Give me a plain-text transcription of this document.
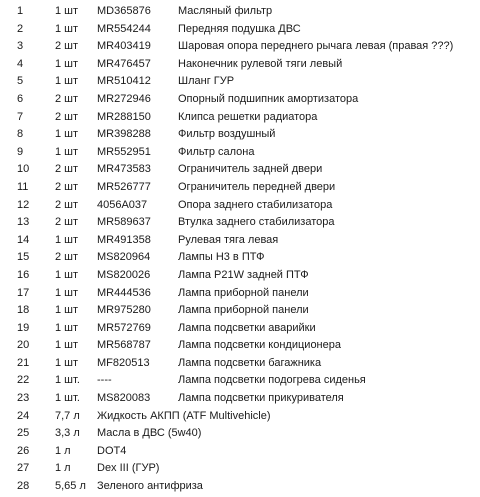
1	1 шт MD365876 Масляный фильтр
2	1 шт MR554244 Передняя подушка ДВС
3	2 шт MR403419 Шаровая опора переднего рычага левая (правая ???)
4	1 шт MR476457 Наконечник рулевой тяги левый
5	1 шт MR510412 Шланг ГУР
6	2 шт MR272946 Опорный подшипник амортизатора
7	2 шт MR288150 Клипса решетки радиатора
8	1 шт MR398288 Фильтр воздушный
9	1 шт MR552951 Фильтр салона
10 2 шт MR473583 Ограничитель задней двери
11 2 шт MR526777 Ограничитель передней двери
12 2 шт 4056A037	Опора заднего стабилизатора
13 2 шт MR589637 Втулка заднего стабилизатора
14 1 шт MR491358 Рулевая тяга левая
15 2 шт MS820964	Лампы Н3 в ПТФ
16 1 шт MS820026	Лампа P21W задней ПТФ
17 1 шт MR444536 Лампа приборной панели
18 1 шт MR975280 Лампа приборной панели
19 1 шт MR572769 Лампа подсветки аварийки
20 1 шт MR568787 Лампа подсветки кондиционера
21 1 шт MF820513	Лампа подсветки багажника
22 1 шт. ----	Лампа подсветки подогрева сиденья
23 1 шт. MS820083	Лампа подсветки прикуривателя
24 7,7 л Жидкость АКПП (ATF Multivehicle)
25 3,3 л Масла в ДВС (5w40)
26 1 л DOT4
27 1 л Dex III (ГУР)
28 5,65 л Зеленого антифриза
